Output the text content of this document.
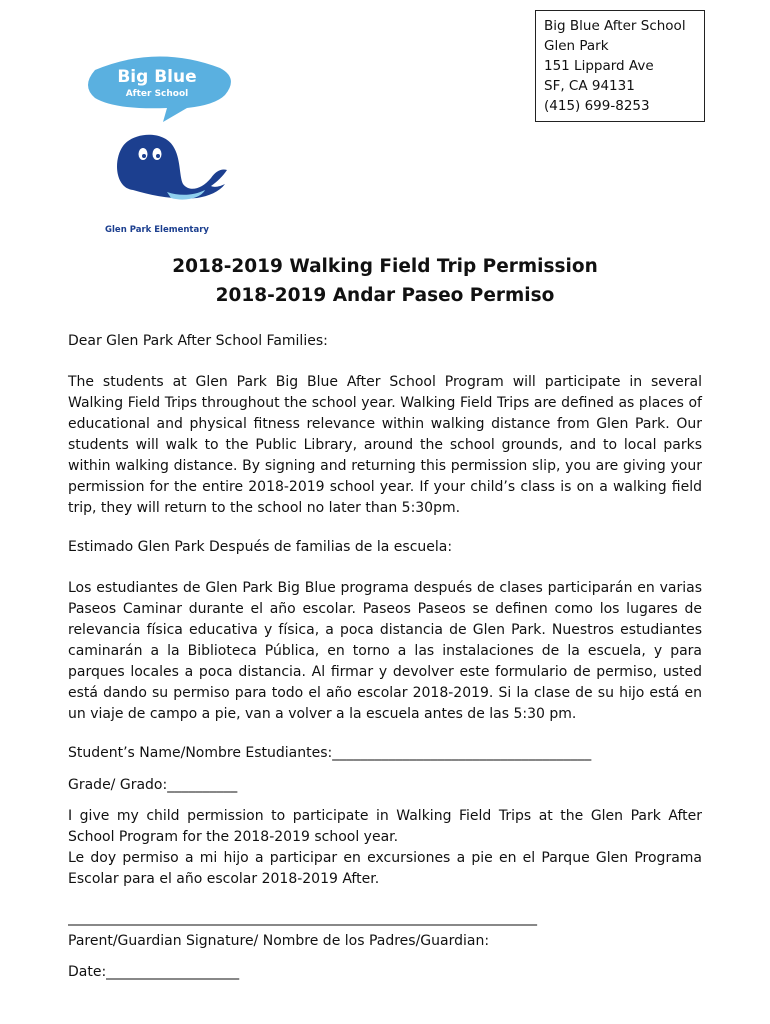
Big Blue After School
Glen Park
151 Lippard Ave
SF, CA 94131
(415) 699-8253
Big Blue
After School
Glen Park Elementary
2018-2019 Walking Field Trip Permission
2018-2019 Andar Paseo Permiso
Dear Glen Park After School Families:
The students at Glen Park Big Blue After School Program will participate in several Walking Field Trips throughout the school year. Walking Field Trips are defined as places of educational and physical fitness relevance within walking distance from Glen Park. Our students will walk to the Public Library, around the school grounds, and to local parks within walking distance. By signing and returning this permission slip, you are giving your permission for the entire 2018-2019 school year. If your child’s class is on a walking field trip, they will return to the school no later than 5:30pm.
Estimado Glen Park Después de familias de la escuela:
Los estudiantes de Glen Park Big Blue programa después de clases participarán en varias Paseos Caminar durante el año escolar. Paseos Paseos se definen como los lugares de relevancia física educativa y física, a poca distancia de Glen Park. Nuestros estudiantes caminarán a la Biblioteca Pública, en torno a las instalaciones de la escuela, y para parques locales a poca distancia. Al firmar y devolver este formulario de permiso, usted está dando su permiso para todo el año escolar 2018-2019. Si la clase de su hijo está en un viaje de campo a pie, van a volver a la escuela antes de las 5:30 pm.
Student’s Name/Nombre Estudiantes:_____________________________________
Grade/ Grado:__________
I give my child permission to participate in Walking Field Trips at the Glen Park After School Program for the 2018-2019 school year.
Le doy permiso a mi hijo a participar en excursiones a pie en el Parque Glen Programa Escolar para el año escolar 2018-2019 After.
___________________________________________________________________
Parent/Guardian Signature/ Nombre de los Padres/Guardian:
Date:___________________
